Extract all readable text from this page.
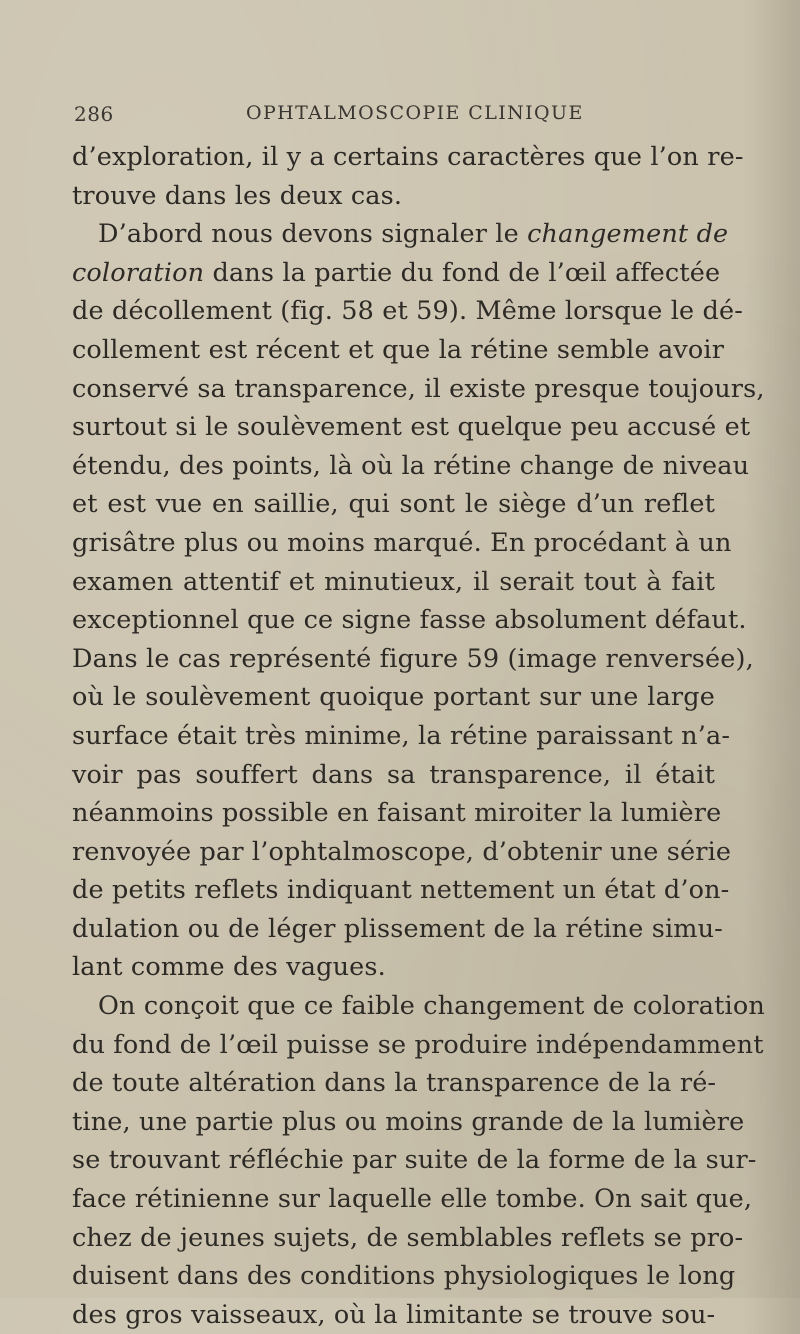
286	OPHTALMOSCOPIE CLINIQUE
d’exploration, il y a certains caractères que l’on re-
trouve dans les deux cas.
D’abord nous devons signaler le changement de
coloration dans la partie du fond de l’œil affectée
de décollement (fig. 58 et 59). Même lorsque le dé-
collement est récent et que la rétine semble avoir
conservé sa transparence, il existe presque toujours,
surtout si le soulèvement est quelque peu accusé et
étendu, des points, là où la rétine change de niveau
et est vue en saillie, qui sont le siège d’un reflet
grisâtre plus ou moins marqué. En procédant à un
examen attentif et minutieux, il serait tout à fait
exceptionnel que ce signe fasse absolument défaut.
Dans le cas représenté figure 59 (image renversée),
où le soulèvement quoique portant sur une large
surface était très minime, la rétine paraissant n’a-
voir pas souffert dans sa transparence, il était
néanmoins possible en faisant miroiter la lumière
renvoyée par l’ophtalmoscope, d’obtenir une série
de petits reflets indiquant nettement un état d’on-
dulation ou de léger plissement de la rétine simu-
lant comme des vagues.
On conçoit que ce faible changement de coloration
du fond de l’œil puisse se produire indépendamment
de toute altération dans la transparence de la ré-
tine, une partie plus ou moins grande de la lumière
se trouvant réfléchie par suite de la forme de la sur-
face rétinienne sur laquelle elle tombe. On sait que,
chez de jeunes sujets, de semblables reflets se pro-
duisent dans des conditions physiologiques le long
des gros vaisseaux, où la limitante se trouve sou-
